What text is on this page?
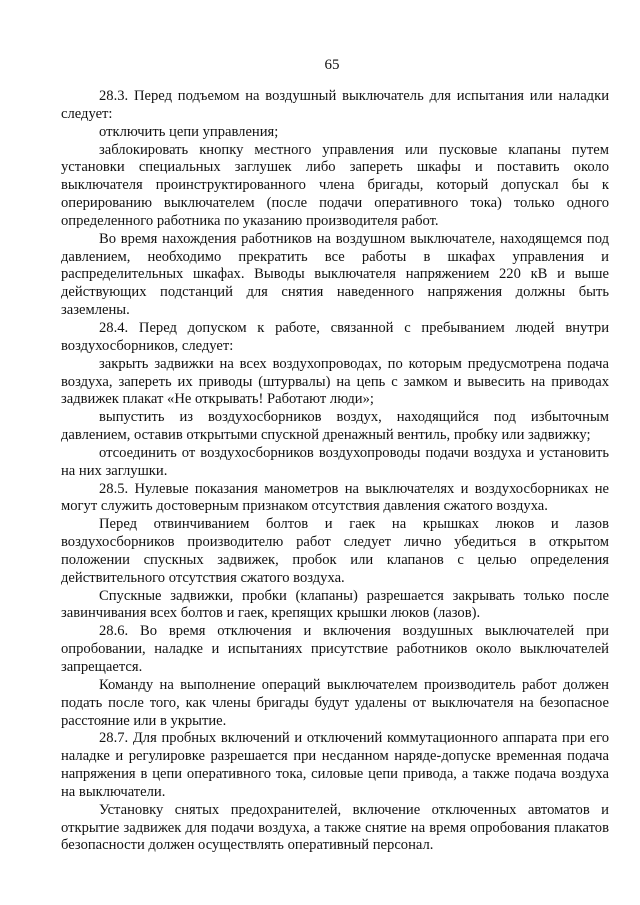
65

28.3. Перед подъемом на воздушный выключатель для испытания или наладки следует:

отключить цепи управления;

заблокировать кнопку местного управления или пусковые клапаны путем установки специальных заглушек либо запереть шкафы и поставить около выключателя проинструктированного члена бригады, который допускал бы к оперированию выключателем (после подачи оперативного тока) только одного определенного работника по указанию производителя работ.

Во время нахождения работников на воздушном выключателе, находящемся под давлением, необходимо прекратить все работы в шкафах управления и распределительных шкафах. Выводы выключателя напряжением 220 кВ и выше действующих подстанций для снятия наведенного напряжения должны быть заземлены.

28.4. Перед допуском к работе, связанной с пребыванием людей внутри воздухосборников, следует:

закрыть задвижки на всех воздухопроводах, по которым предусмотрена подача воздуха, запереть их приводы (штурвалы) на цепь с замком и вывесить на приводах задвижек плакат «Не открывать! Работают люди»;

выпустить из воздухосборников воздух, находящийся под избыточным давлением, оставив открытыми спускной дренажный вентиль, пробку или задвижку;

отсоединить от воздухосборников воздухопроводы подачи воздуха и установить на них заглушки.

28.5. Нулевые показания манометров на выключателях и воздухосборниках не могут служить достоверным признаком отсутствия давления сжатого воздуха.

Перед отвинчиванием болтов и гаек на крышках люков и лазов воздухосборников производителю работ следует лично убедиться в открытом положении спускных задвижек, пробок или клапанов с целью определения действительного отсутствия сжатого воздуха.

Спускные задвижки, пробки (клапаны) разрешается закрывать только после завинчивания всех болтов и гаек, крепящих крышки люков (лазов).

28.6. Во время отключения и включения воздушных выключателей при опробовании, наладке и испытаниях присутствие работников около выключателей запрещается.

Команду на выполнение операций выключателем производитель работ должен подать после того, как члены бригады будут удалены от выключателя на безопасное расстояние или в укрытие.

28.7. Для пробных включений и отключений коммутационного аппарата при его наладке и регулировке разрешается при несданном наряде-допуске временная подача напряжения в цепи оперативного тока, силовые цепи привода, а также подача воздуха на выключатели.

Установку снятых предохранителей, включение отключенных автоматов и открытие задвижек для подачи воздуха, а также снятие на время опробования плакатов безопасности должен осуществлять оперативный персонал.
